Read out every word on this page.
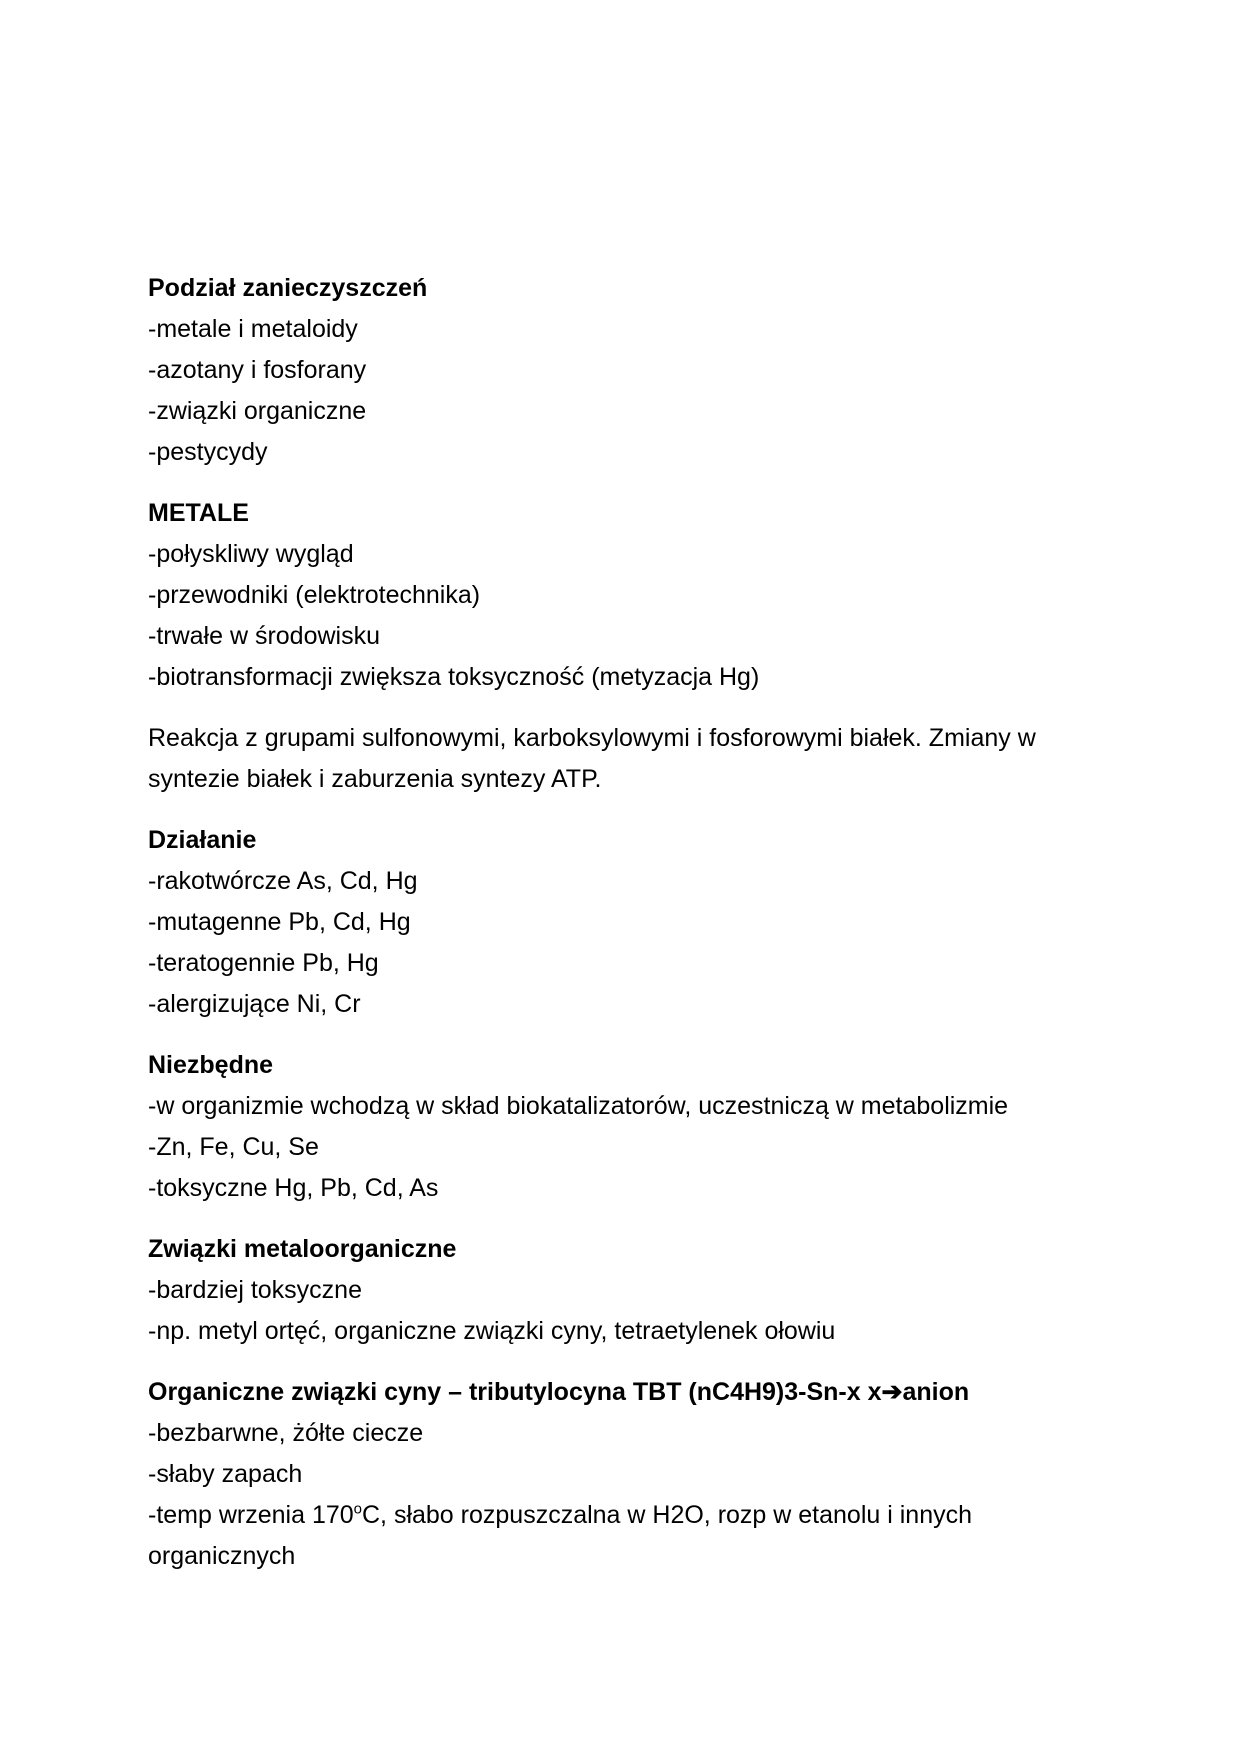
Podział zanieczyszczeń
-metale i metaloidy
-azotany i fosforany
-związki organiczne
-pestycydy
METALE
-połyskliwy wygląd
-przewodniki (elektrotechnika)
-trwałe w środowisku
-biotransformacji zwiększa toksyczność (metyzacja Hg)
Reakcja z grupami sulfonowymi, karboksylowymi i fosforowymi białek. Zmiany w syntezie białek i zaburzenia syntezy ATP.
Działanie
-rakotwórcze As, Cd, Hg
-mutagenne Pb, Cd, Hg
-teratogennie Pb, Hg
-alergizujące Ni, Cr
Niezbędne
-w organizmie wchodzą w skład biokatalizatorów, uczestniczą w metabolizmie
-Zn, Fe, Cu, Se
-toksyczne Hg, Pb, Cd, As
Związki metaloorganiczne
-bardziej toksyczne
-np. metyl ortęć, organiczne związki cyny, tetraetylenek ołowiu
Organiczne związki cyny – tributylocyna TBT (nC4H9)3-Sn-x x➔anion
-bezbarwne, żółte ciecze
-słaby zapach
-temp wrzenia 170$^o$C, słabo rozpuszczalna w H2O, rozp w etanolu i innych organicznych
